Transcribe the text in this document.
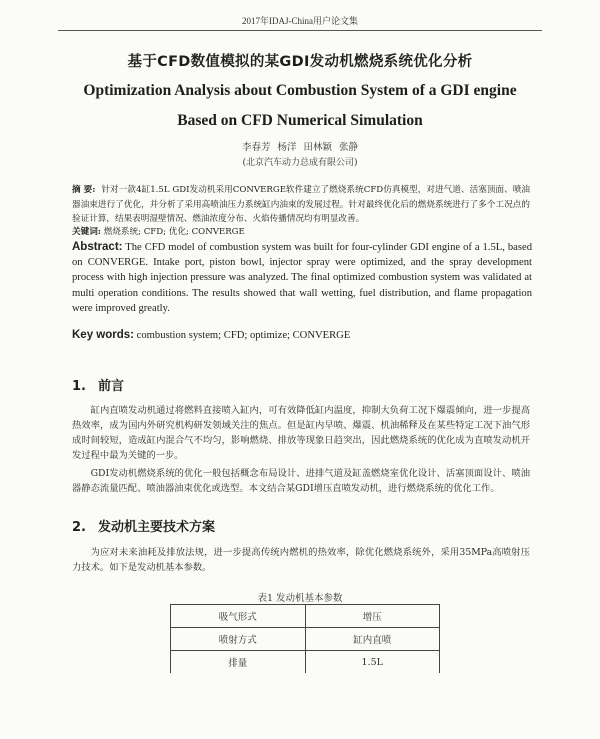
2017年IDAJ-China用户论文集
基于CFD数值模拟的某GDI发动机燃烧系统优化分析
Optimization Analysis about Combustion System of a GDI engine
Based on CFD Numerical Simulation
李春芳 杨洋 田林颖 张静
(北京汽车动力总成有限公司)
摘 要: 针对一款4缸1.5L GDI发动机采用CONVERGE软件建立了燃烧系统CFD仿真模型，对进气道、活塞顶面、喷油器油束进行了优化，并分析了采用高喷油压力系统缸内油束的发展过程。针对最终优化后的燃烧系统进行了多个工况点的验证计算，结果表明湿壁情况、燃油浓度分布、火焰传播情况均有明显改善。
关键词: 燃烧系统; CFD; 优化; CONVERGE
Abstract: The CFD model of combustion system was built for four-cylinder GDI engine of a 1.5L, based on CONVERGE. Intake port, piston bowl, injector spray were optimized, and the spray development process with high injection pressure was analyzed. The final optimized combustion system was validated at multi operation conditions. The results showed that wall wetting, fuel distribution, and flame propagation were improved greatly.
Key words: combustion system; CFD; optimize; CONVERGE
1. 前言
缸内直喷发动机通过将燃料直接喷入缸内，可有效降低缸内温度，抑制大负荷工况下爆震倾向，进一步提高热效率，成为国内外研究机构研发领域关注的焦点。但是缸内早喷、爆震、机油稀释及在某些特定工况下油气形成时间较短，造成缸内混合气不均匀，影响燃烧、排放等现象日趋突出，因此燃烧系统的优化成为直喷发动机开发过程中最为关键的一步。
GDI发动机燃烧系统的优化一般包括概念布局设计、进排气道及缸盖燃烧室优化设计、活塞顶面设计、喷油器静态流量匹配、喷油器油束优化或选型。本文结合某GDI增压直喷发动机，进行燃烧系统的优化工作。
2. 发动机主要技术方案
为应对未来油耗及排放法规，进一步提高传统内燃机的热效率，除优化燃烧系统外，采用35MPa高喷射压力技术。如下是发动机基本参数。
表1 发动机基本参数
吸气形式	增压
喷射方式	缸内直喷
排量	1.5L
